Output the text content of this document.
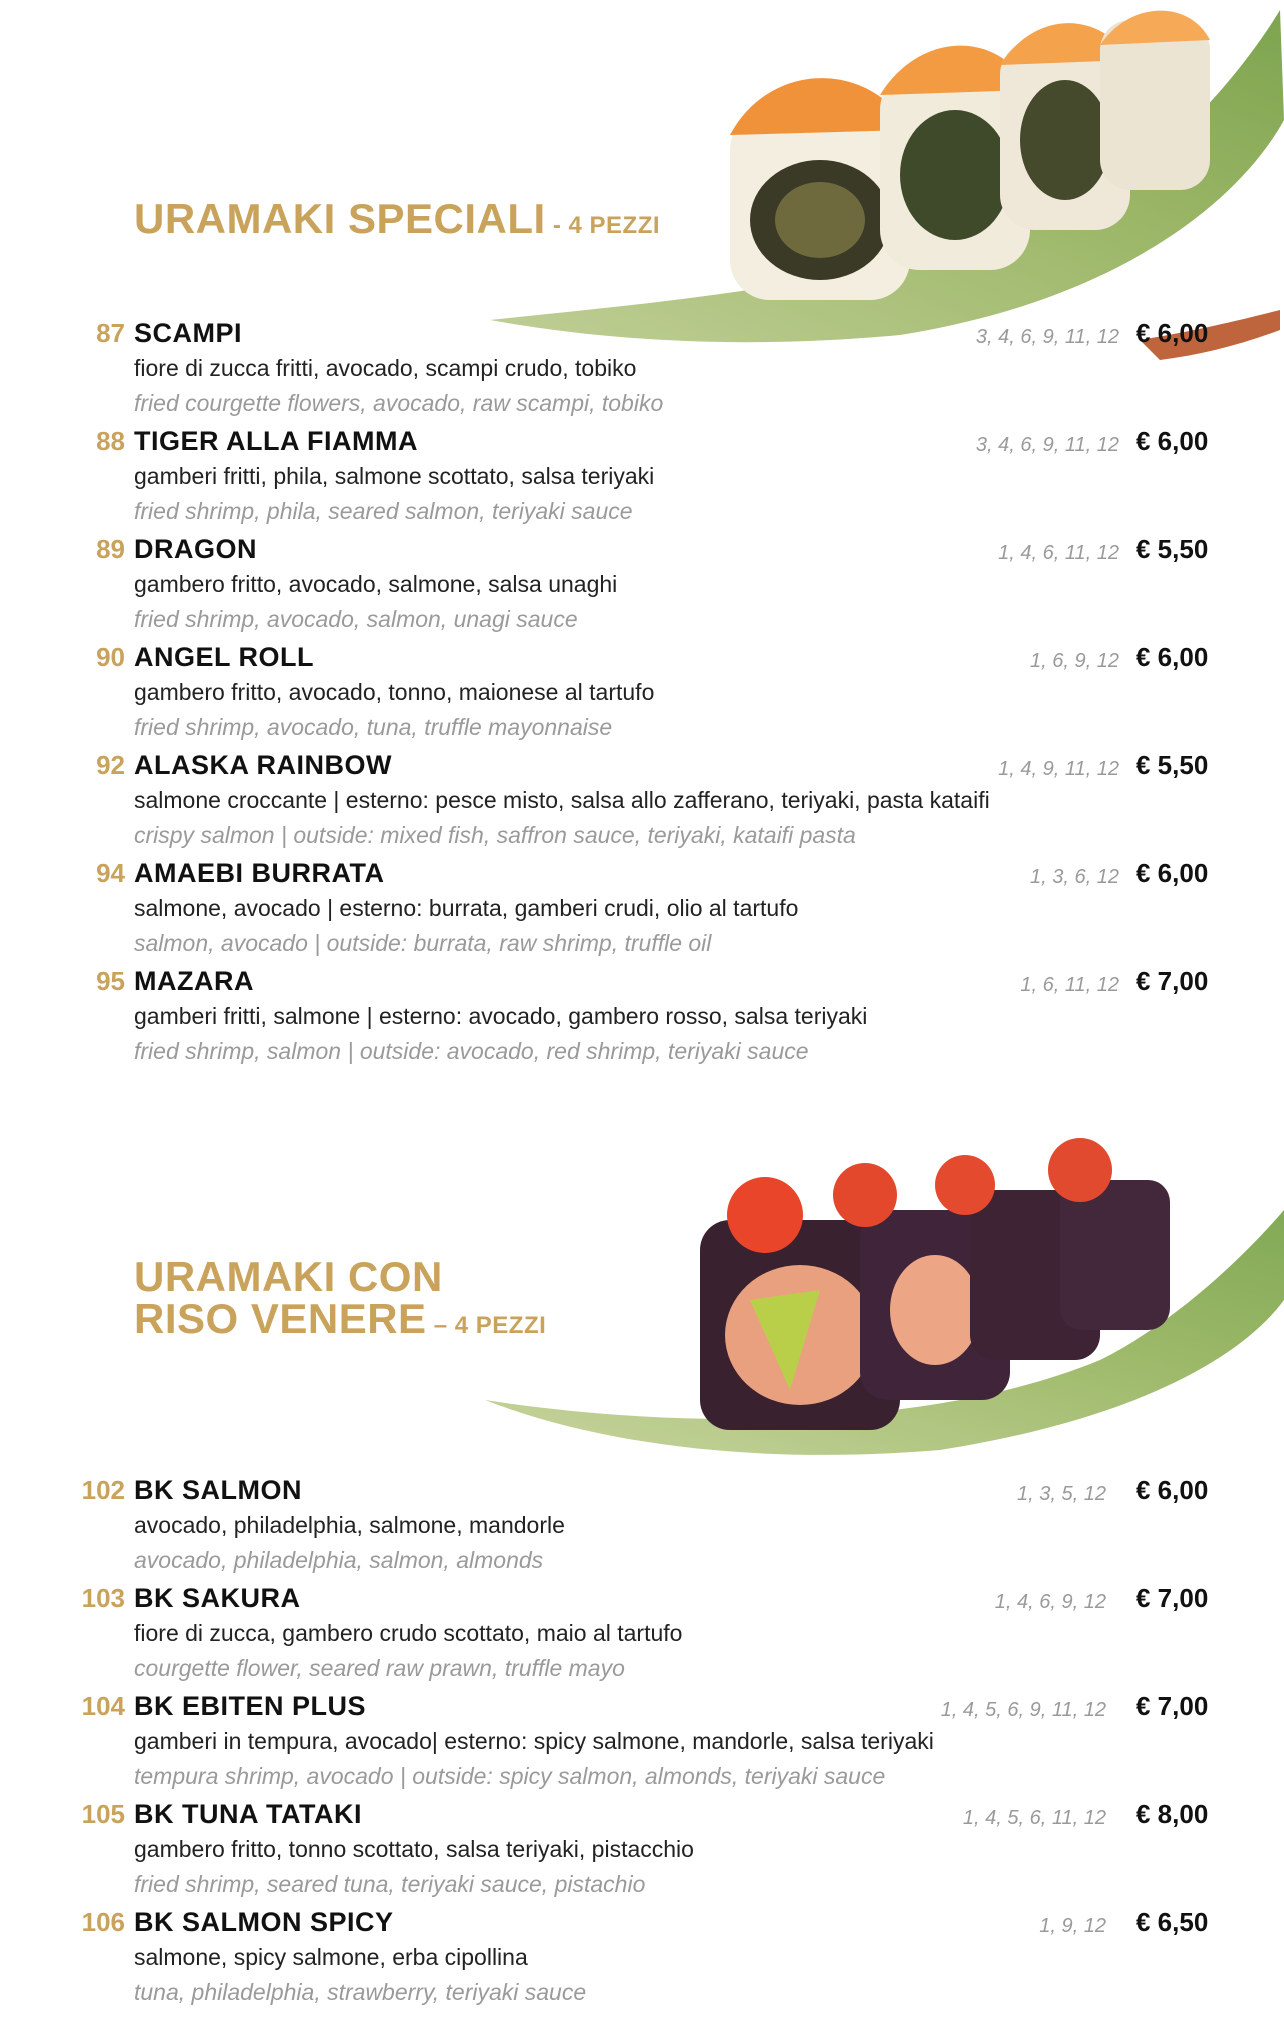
URAMAKI SPECIALI - 4 PEZZI
87 SCAMPI
fiore di zucca fritti, avocado, scampi crudo, tobiko
fried courgette flowers, avocado, raw scampi, tobiko
3, 4, 6, 9, 11, 12 € 6,00
88 TIGER ALLA FIAMMA
gamberi fritti, phila, salmone scottato, salsa teriyaki
fried shrimp, phila, seared salmon, teriyaki sauce
3, 4, 6, 9, 11, 12 € 6,00
89 DRAGON
gambero fritto, avocado, salmone, salsa unaghi
fried shrimp, avocado, salmon, unagi sauce
1, 4, 6, 11, 12 € 5,50
90 ANGEL ROLL
gambero fritto, avocado, tonno, maionese al tartufo
fried shrimp, avocado, tuna, truffle mayonnaise
1, 6, 9, 12 € 6,00
92 ALASKA RAINBOW
salmone croccante | esterno: pesce misto, salsa allo zafferano, teriyaki, pasta kataifi
crispy salmon | outside: mixed fish, saffron sauce, teriyaki, kataifi pasta
1, 4, 9, 11, 12 € 5,50
94 AMAEBI BURRATA
salmone, avocado | esterno: burrata, gamberi crudi, olio al tartufo
salmon, avocado | outside: burrata, raw shrimp, truffle oil
1, 3, 6, 12 € 6,00
95 MAZARA
gamberi fritti, salmone | esterno: avocado, gambero rosso, salsa teriyaki
fried shrimp, salmon | outside: avocado, red shrimp, teriyaki sauce
1, 6, 11, 12 € 7,00
URAMAKI CON
RISO VENERE – 4 PEZZI
102 BK SALMON
avocado, philadelphia, salmone, mandorle
avocado, philadelphia, salmon, almonds
1, 3, 5, 12 € 6,00
103 BK SAKURA
fiore di zucca, gambero crudo scottato, maio al tartufo
courgette flower, seared raw prawn, truffle mayo
1, 4, 6, 9, 12 € 7,00
104 BK EBITEN PLUS
gamberi in tempura, avocado| esterno: spicy salmone, mandorle, salsa teriyaki
tempura shrimp, avocado | outside: spicy salmon, almonds, teriyaki sauce
1, 4, 5, 6, 9, 11, 12 € 7,00
105 BK TUNA TATAKI
gambero fritto, tonno scottato, salsa teriyaki, pistacchio
fried shrimp, seared tuna, teriyaki sauce, pistachio
1, 4, 5, 6, 11, 12 € 8,00
106 BK SALMON SPICY
salmone, spicy salmone, erba cipollina
tuna, philadelphia, strawberry, teriyaki sauce
1, 9, 12 € 6,50
